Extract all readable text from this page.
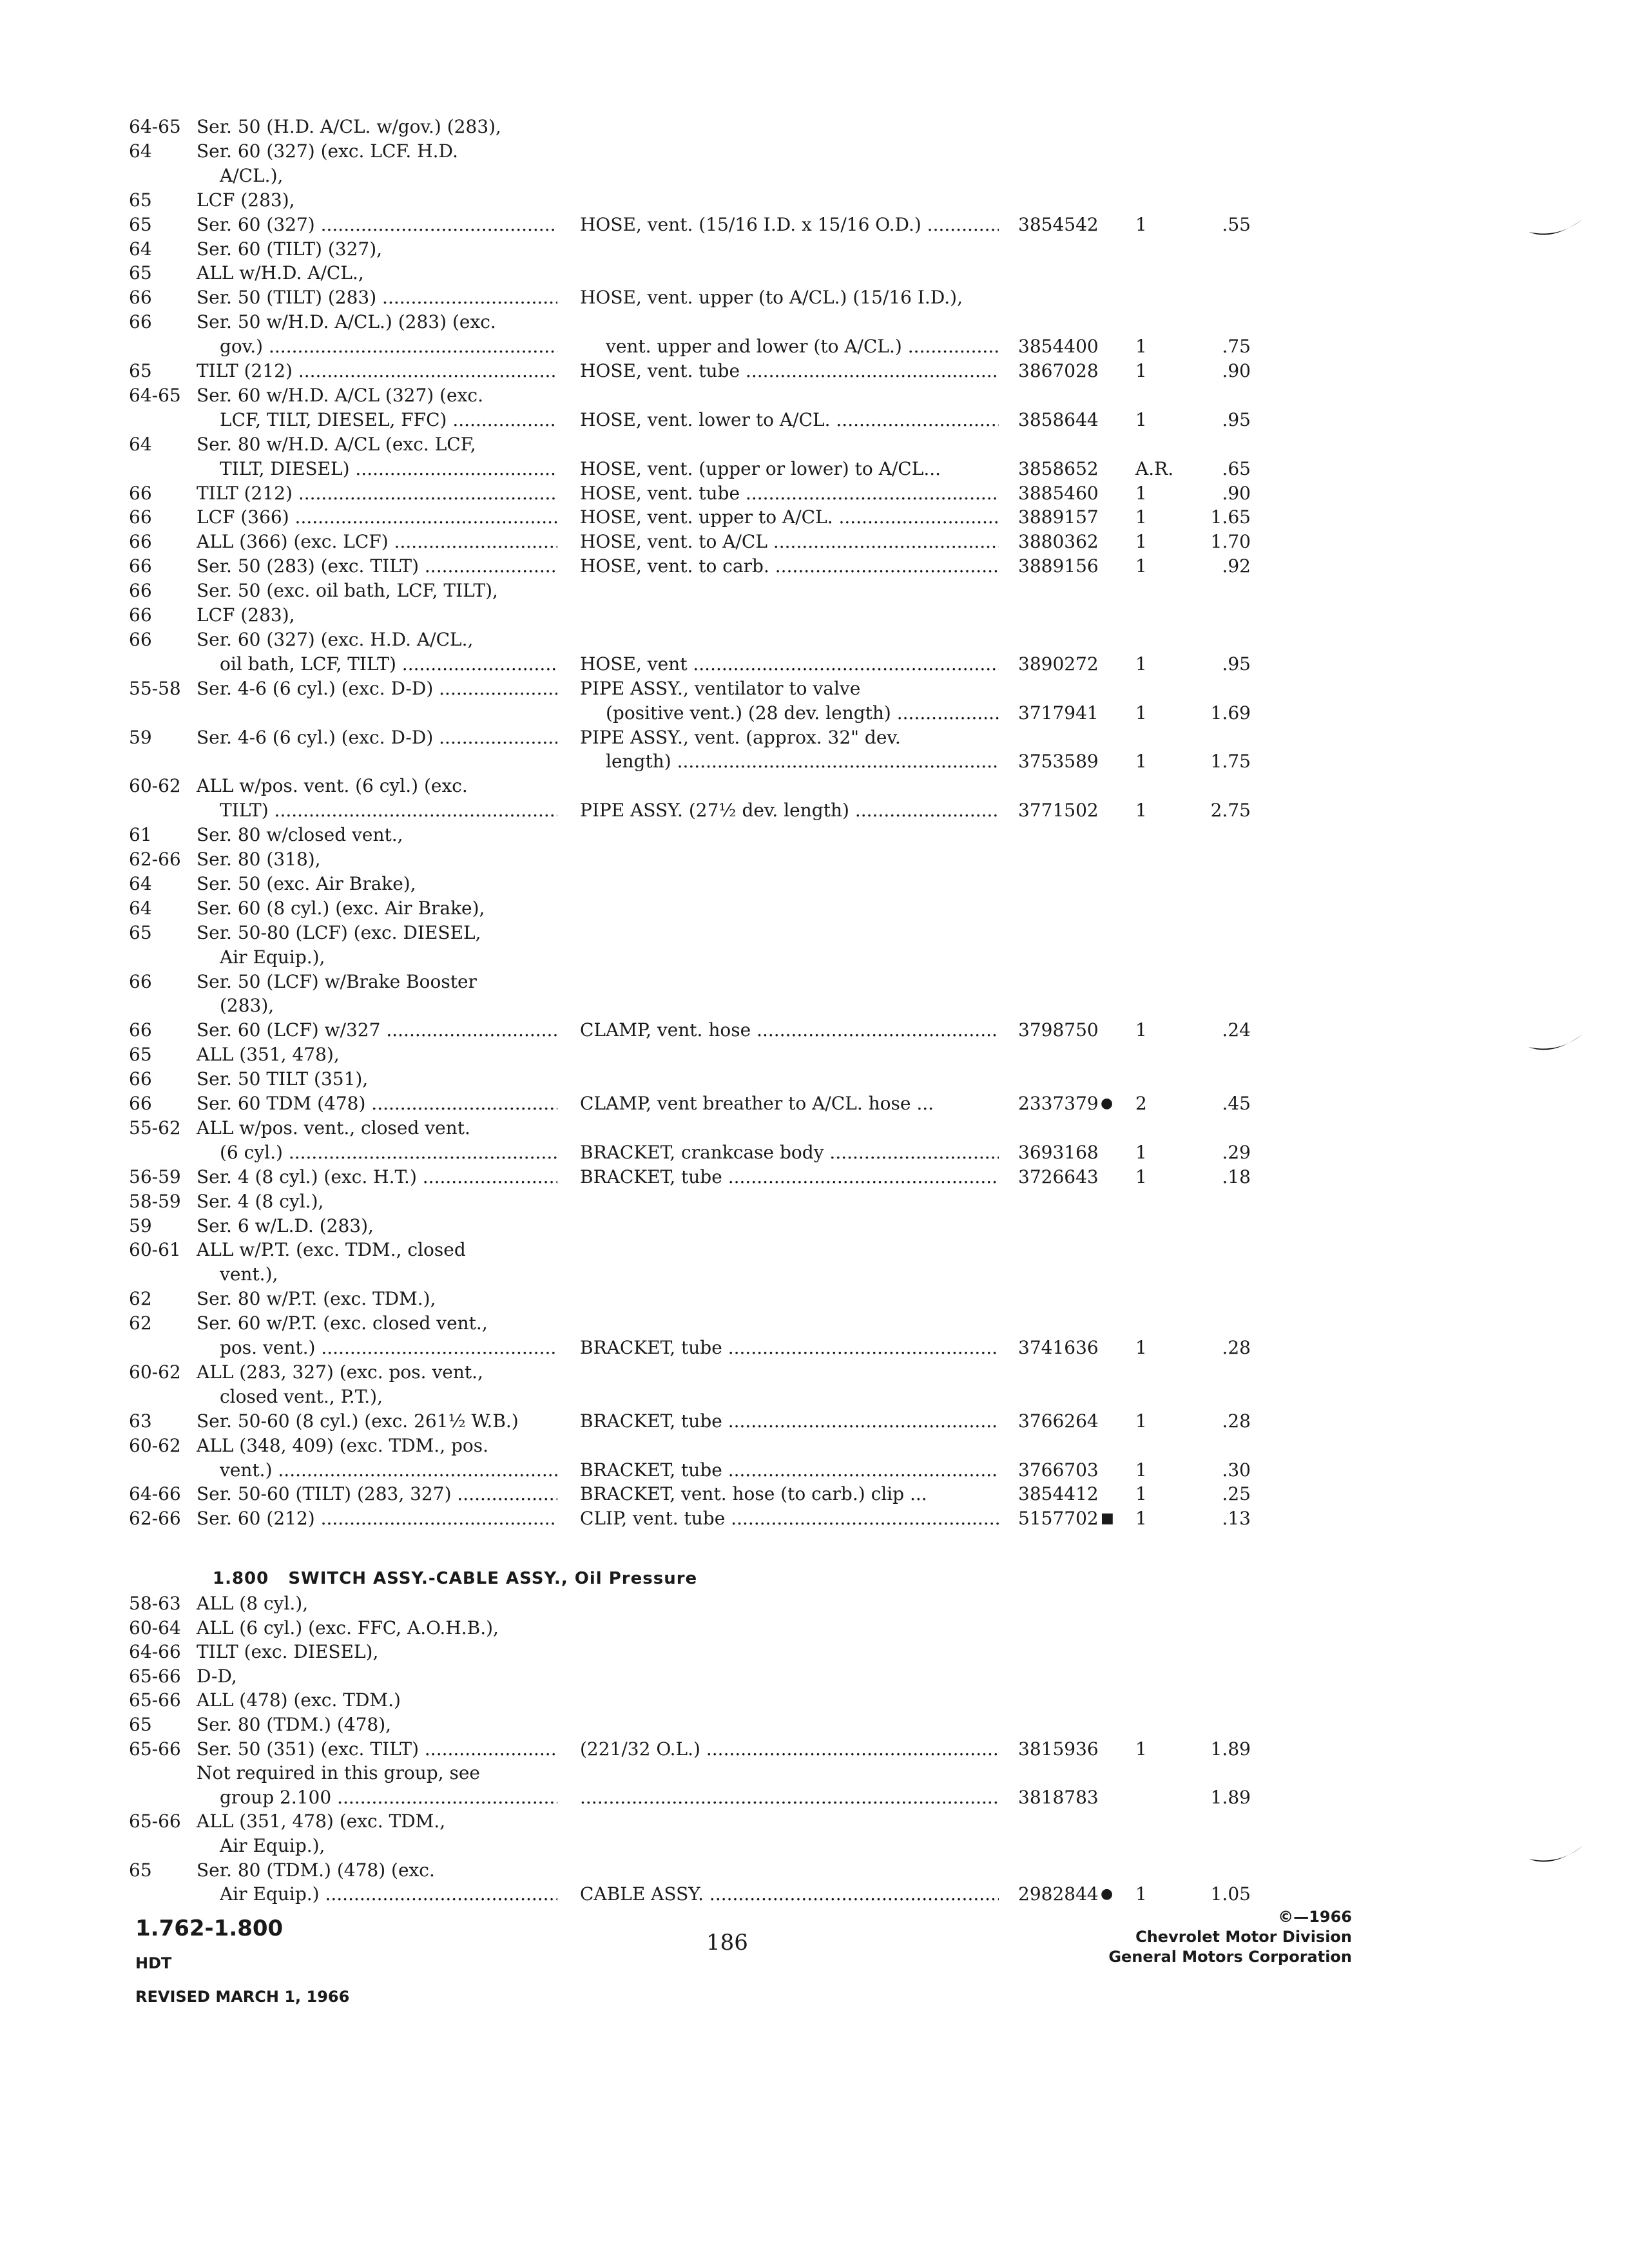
64-65 Ser. 50 (H.D. A/CL. w/gov.) (283),
64 Ser. 60 (327) (exc. LCF. H.D.
A/CL.),
65 LCF (283),
65 Ser. 60 (327) .....	HOSE, vent. (15/16 I.D. x 15/16 O.D.) .....	3854542 1	.55
64 Ser. 60 (TILT) (327),
65 ALL w/H.D. A/CL.,
66 Ser. 50 (TILT) (283) .....	HOSE, vent. upper (to A/CL.) (15/16 I.D.),
66 Ser. 50 w/H.D. A/CL.) (283) (exc.
gov.) .....	vent. upper and lower (to A/CL.) .....	3854400 1	.75
65 TILT (212) .....	HOSE, vent. tube .....	3867028 1	.90
64-65 Ser. 60 w/H.D. A/CL (327) (exc.
LCF, TILT, DIESEL, FFC) .....	HOSE, vent. lower to A/CL. .....	3858644 1	.95
64 Ser. 80 w/H.D. A/CL (exc. LCF,
TILT, DIESEL) .....	HOSE, vent. (upper or lower) to A/CL...	3858652 A.R.	.65
66 TILT (212) .....	HOSE, vent. tube .....	3885460 1	.90
66 LCF (366) .....	HOSE, vent. upper to A/CL. .....	3889157 1	1.65
66 ALL (366) (exc. LCF) .....	HOSE, vent. to A/CL .....	3880362 1	1.70
66 Ser. 50 (283) (exc. TILT) .....	HOSE, vent. to carb. .....	3889156 1	.92
66 Ser. 50 (exc. oil bath, LCF, TILT),
66 LCF (283),
66 Ser. 60 (327) (exc. H.D. A/CL.,
oil bath, LCF, TILT) .....	HOSE, vent .....	3890272 1	.95
55-58 Ser. 4-6 (6 cyl.) (exc. D-D) .....	PIPE ASSY., ventilator to valve
(positive vent.) (28 dev. length) .....	3717941 1	1.69
59 Ser. 4-6 (6 cyl.) (exc. D-D) .....	PIPE ASSY., vent. (approx. 32" dev.
length) .....	3753589 1	1.75
60-62 ALL w/pos. vent. (6 cyl.) (exc.
TILT) .....	PIPE ASSY. (27½ dev. length) .....	3771502 1	2.75
61 Ser. 80 w/closed vent.,
62-66 Ser. 80 (318),
64 Ser. 50 (exc. Air Brake),
64 Ser. 60 (8 cyl.) (exc. Air Brake),
65 Ser. 50-80 (LCF) (exc. DIESEL,
Air Equip.),
66 Ser. 50 (LCF) w/Brake Booster
(283),
66 Ser. 60 (LCF) w/327 .....	CLAMP, vent. hose .....	3798750 1	.24
65 ALL (351, 478),
66 Ser. 50 TILT (351),
66 Ser. 60 TDM (478) .....	CLAMP, vent breather to A/CL. hose ...	2337379 ● 2	.45
55-62 ALL w/pos. vent., closed vent.
(6 cyl.) .....	BRACKET, crankcase body .....	3693168 1	.29
56-59 Ser. 4 (8 cyl.) (exc. H.T.) .....	BRACKET, tube .....	3726643 1	.18
58-59 Ser. 4 (8 cyl.),
59 Ser. 6 w/L.D. (283),
60-61 ALL w/P.T. (exc. TDM., closed
vent.),
62 Ser. 80 w/P.T. (exc. TDM.),
62 Ser. 60 w/P.T. (exc. closed vent.,
pos. vent.) .....	BRACKET, tube .....	3741636 1	.28
60-62 ALL (283, 327) (exc. pos. vent.,
closed vent., P.T.),
63 Ser. 50-60 (8 cyl.) (exc. 261½ W.B.)	BRACKET, tube .....	3766264 1	.28
60-62 ALL (348, 409) (exc. TDM., pos.
vent.) .....	BRACKET, tube .....	3766703 1	.30
64-66 Ser. 50-60 (TILT) (283, 327) .....	BRACKET, vent. hose (to carb.) clip ...	3854412 1	.25
62-66 Ser. 60 (212) .....	CLIP, vent. tube .....	5157702 ■ 1	.13
1.800 SWITCH ASSY.-CABLE ASSY., Oil Pressure
58-63 ALL (8 cyl.),
60-64 ALL (6 cyl.) (exc. FFC, A.O.H.B.),
64-66 TILT (exc. DIESEL),
65-66 D-D,
65-66 ALL (478) (exc. TDM.)
65 Ser. 80 (TDM.) (478),
65-66 Ser. 50 (351) (exc. TILT) .....	(221/32 O.L.) .....	3815936 1	1.89
Not required in this group, see
group 2.100 .....
.....	3818783	1.89
65-66 ALL (351, 478) (exc. TDM.,
Air Equip.),
65 Ser. 80 (TDM.) (478) (exc.
Air Equip.) .....	CABLE ASSY. .....	2982844 ● 1	1.05
1.762-1.800
HDT
REVISED MARCH 1, 1966
186
©—1966
Chevrolet Motor Division
General Motors Corporation
